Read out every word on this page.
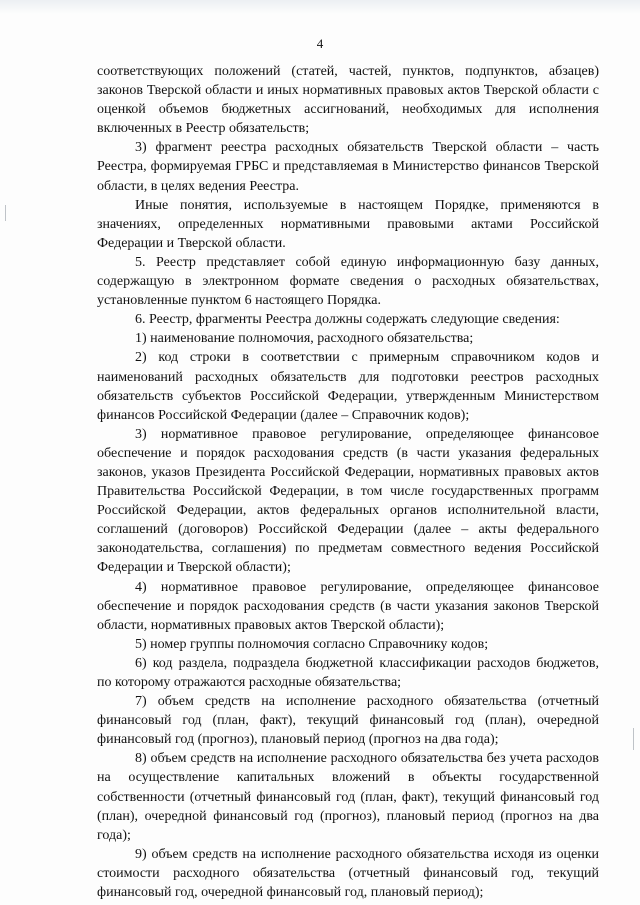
4

соответствующих положений (статей, частей, пунктов, подпунктов, абзацев) законов Тверской области и иных нормативных правовых актов Тверской области с оценкой объемов бюджетных ассигнований, необходимых для исполнения включенных в Реестр обязательств;

3) фрагмент реестра расходных обязательств Тверской области – часть Реестра, формируемая ГРБС и представляемая в Министерство финансов Тверской области, в целях ведения Реестра.

Иные понятия, используемые в настоящем Порядке, применяются в значениях, определенных нормативными правовыми актами Российской Федерации и Тверской области.

5. Реестр представляет собой единую информационную базу данных, содержащую в электронном формате сведения о расходных обязательствах, установленные пунктом 6 настоящего Порядка.

6. Реестр, фрагменты Реестра должны содержать следующие сведения:

1) наименование полномочия, расходного обязательства;

2) код строки в соответствии с примерным справочником кодов и наименований расходных обязательств для подготовки реестров расходных обязательств субъектов Российской Федерации, утвержденным Министерством финансов Российской Федерации (далее – Справочник кодов);

3) нормативное правовое регулирование, определяющее финансовое обеспечение и порядок расходования средств (в части указания федеральных законов, указов Президента Российской Федерации, нормативных правовых актов Правительства Российской Федерации, в том числе государственных программ Российской Федерации, актов федеральных органов исполнительной власти, соглашений (договоров) Российской Федерации (далее – акты федерального законодательства, соглашения) по предметам совместного ведения Российской Федерации и Тверской области);

4) нормативное правовое регулирование, определяющее финансовое обеспечение и порядок расходования средств (в части указания законов Тверской области, нормативных правовых актов Тверской области);

5) номер группы полномочия согласно Справочнику кодов;

6) код раздела, подраздела бюджетной классификации расходов бюджетов, по которому отражаются расходные обязательства;

7) объем средств на исполнение расходного обязательства (отчетный финансовый год (план, факт), текущий финансовый год (план), очередной финансовый год (прогноз), плановый период (прогноз на два года);

8) объем средств на исполнение расходного обязательства без учета расходов на осуществление капитальных вложений в объекты государственной собственности (отчетный финансовый год (план, факт), текущий финансовый год (план), очередной финансовый год (прогноз), плановый период (прогноз на два года);

9) объем средств на исполнение расходного обязательства исходя из оценки стоимости расходного обязательства (отчетный финансовый год, текущий финансовый год, очередной финансовый год, плановый период);
